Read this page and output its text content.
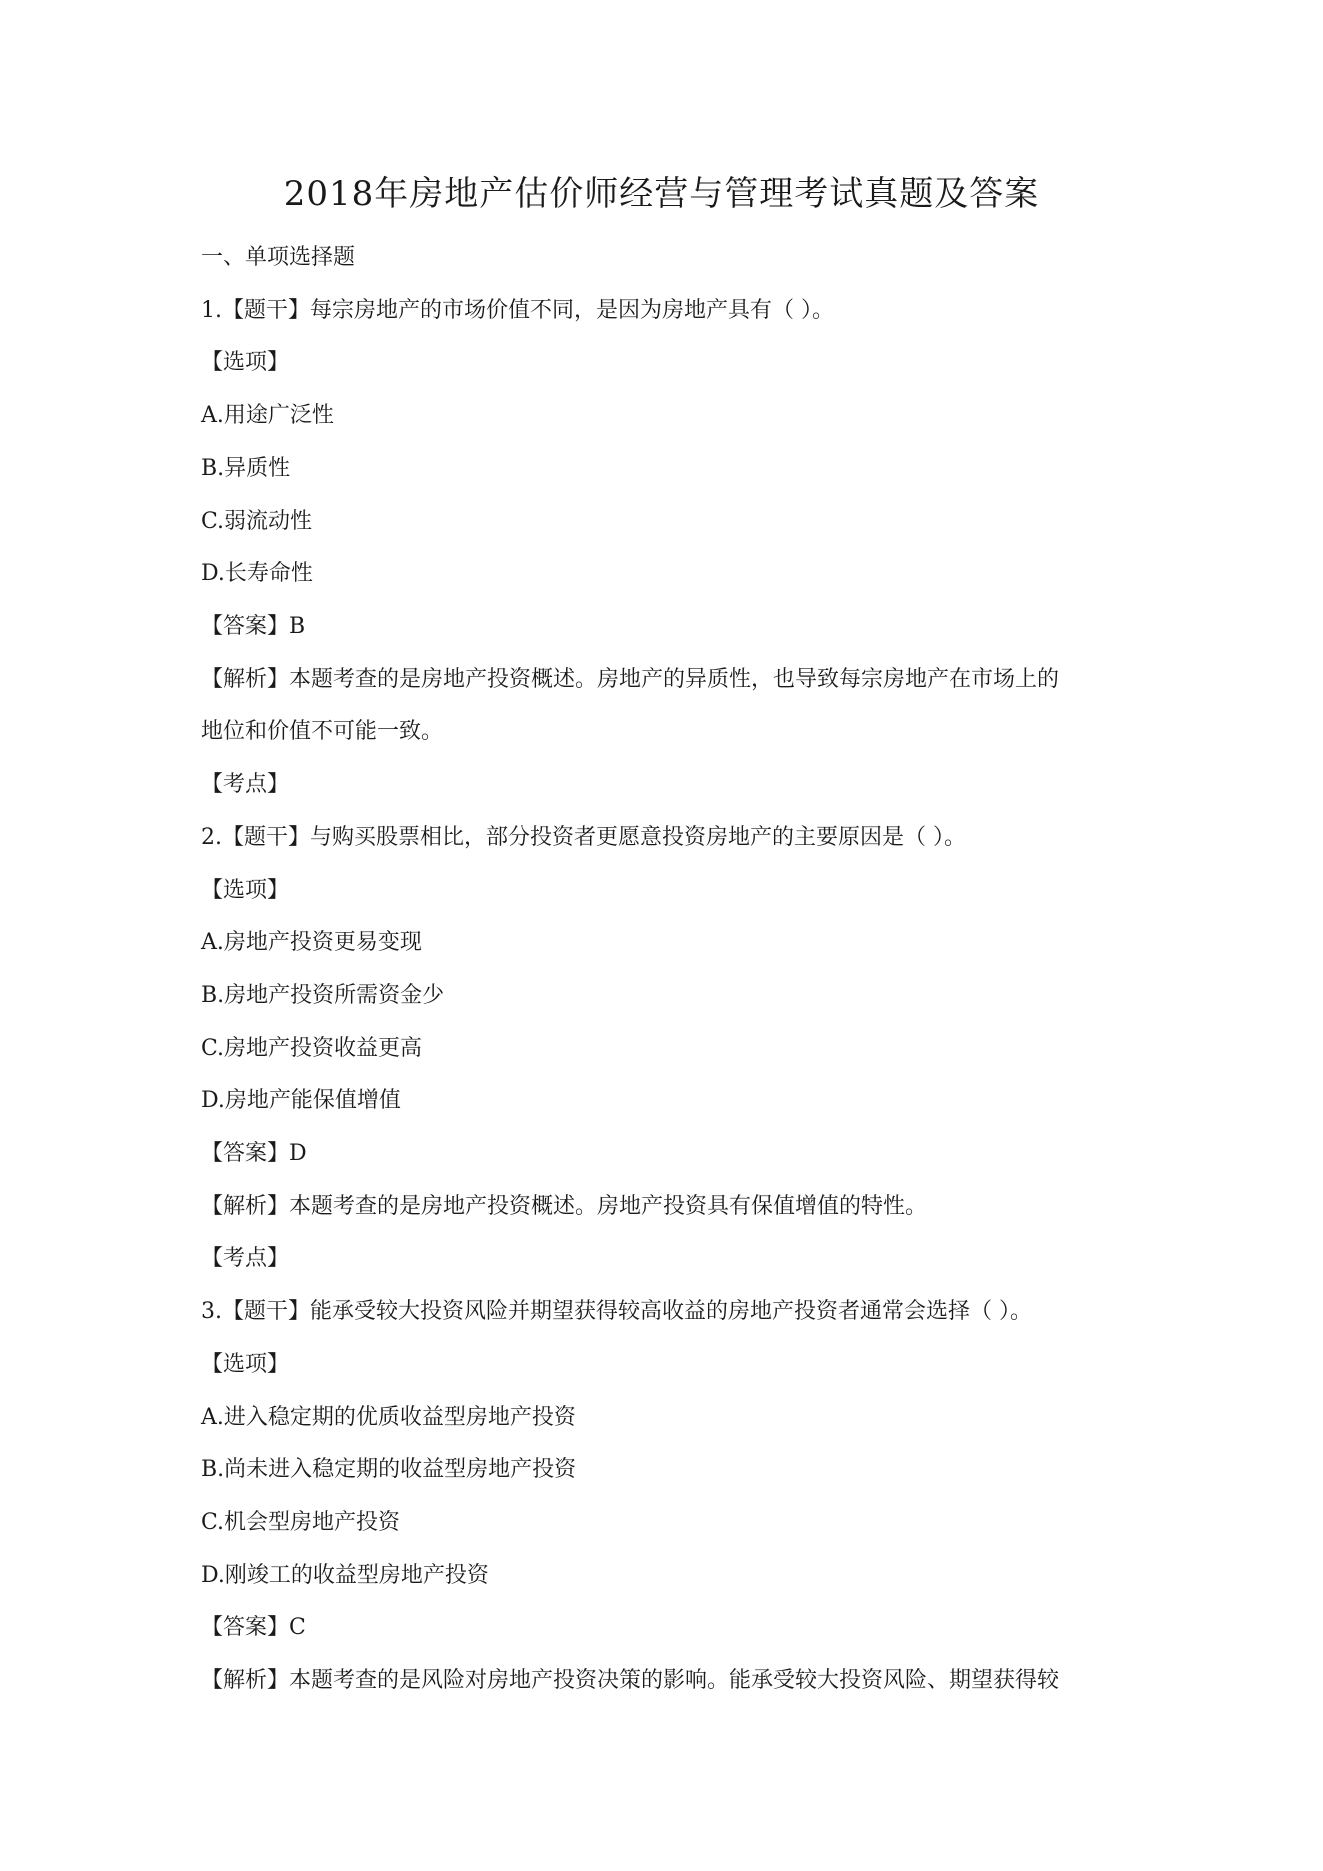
2018年房地产估价师经营与管理考试真题及答案
一、单项选择题
1.【题干】每宗房地产的市场价值不同，是因为房地产具有（ ）。
【选项】
A.用途广泛性
B.异质性
C.弱流动性
D.长寿命性
【答案】B
【解析】本题考查的是房地产投资概述。房地产的异质性，也导致每宗房地产在市场上的
地位和价值不可能一致。
【考点】
2.【题干】与购买股票相比，部分投资者更愿意投资房地产的主要原因是（ ）。
【选项】
A.房地产投资更易变现
B.房地产投资所需资金少
C.房地产投资收益更高
D.房地产能保值增值
【答案】D
【解析】本题考查的是房地产投资概述。房地产投资具有保值增值的特性。
【考点】
3.【题干】能承受较大投资风险并期望获得较高收益的房地产投资者通常会选择（ ）。
【选项】
A.进入稳定期的优质收益型房地产投资
B.尚未进入稳定期的收益型房地产投资
C.机会型房地产投资
D.刚竣工的收益型房地产投资
【答案】C
【解析】本题考查的是风险对房地产投资决策的影响。能承受较大投资风险、期望获得较
